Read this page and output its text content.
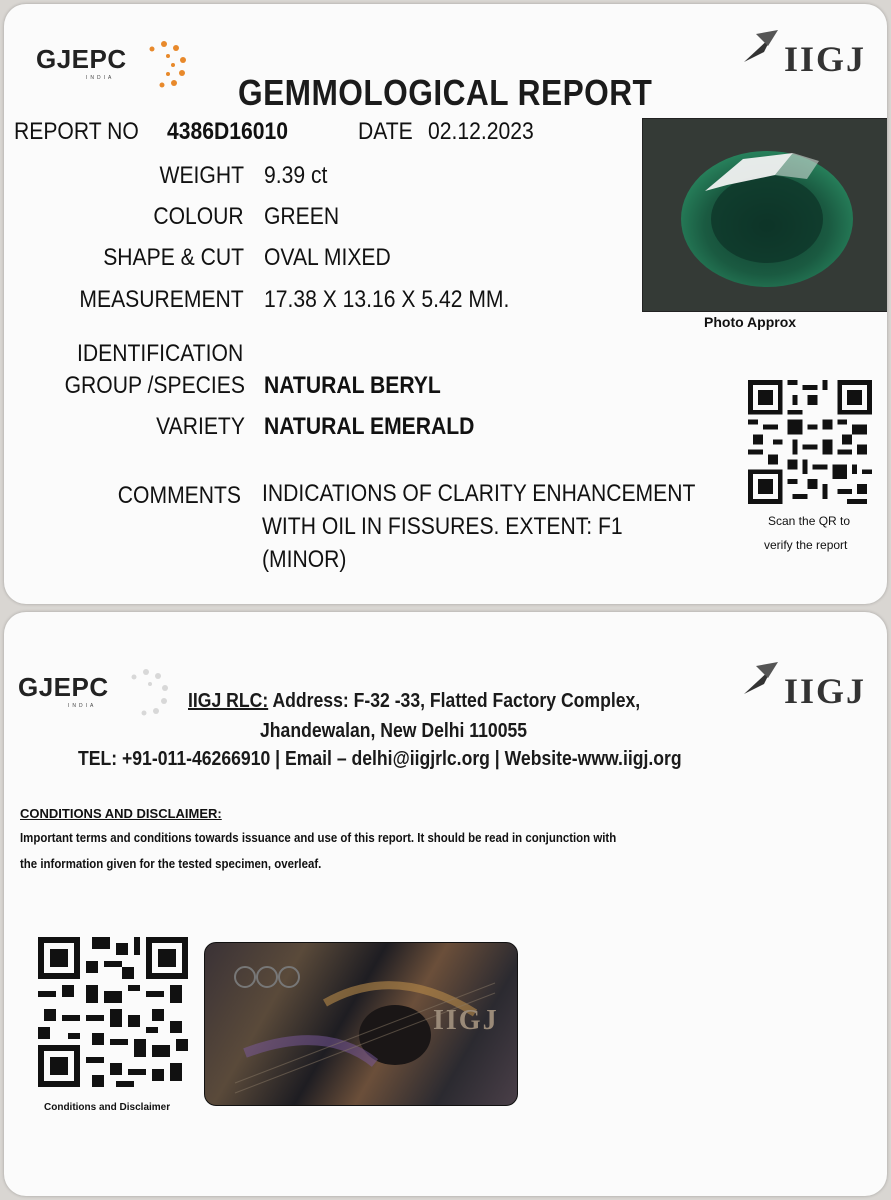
GJEPC
INDIA	IIGJ
GEMMOLOGICAL REPORT
REPORT NO 4386D16010	DATE 02.12.2023
WEIGHT 9.39 ct
COLOUR GREEN
SHAPE & CUT OVAL MIXED
MEASUREMENT 17.38 X 13.16 X 5.42 MM.
IDENTIFICATION
GROUP /SPECIES NATURAL BERYL
VARIETY NATURAL EMERALD
COMMENTS INDICATIONS OF CLARITY ENHANCEMENT
WITH OIL IN FISSURES. EXTENT: F1
(MINOR)
Photo Approx
Scan the QR to
verify the report
GJEPC
INDIA	IIGJ
IIGJ RLC: Address: F-32 -33, Flatted Factory Complex,
Jhandewalan, New Delhi 110055
TEL: +91-011-46266910 | Email – delhi@iigjrlc.org | Website-www.iigj.org
CONDITIONS AND DISCLAIMER:
Important terms and conditions towards issuance and use of this report. It should be read in conjunction with
the information given for the tested specimen, overleaf.
Conditions and Disclaimer
IIGJ
